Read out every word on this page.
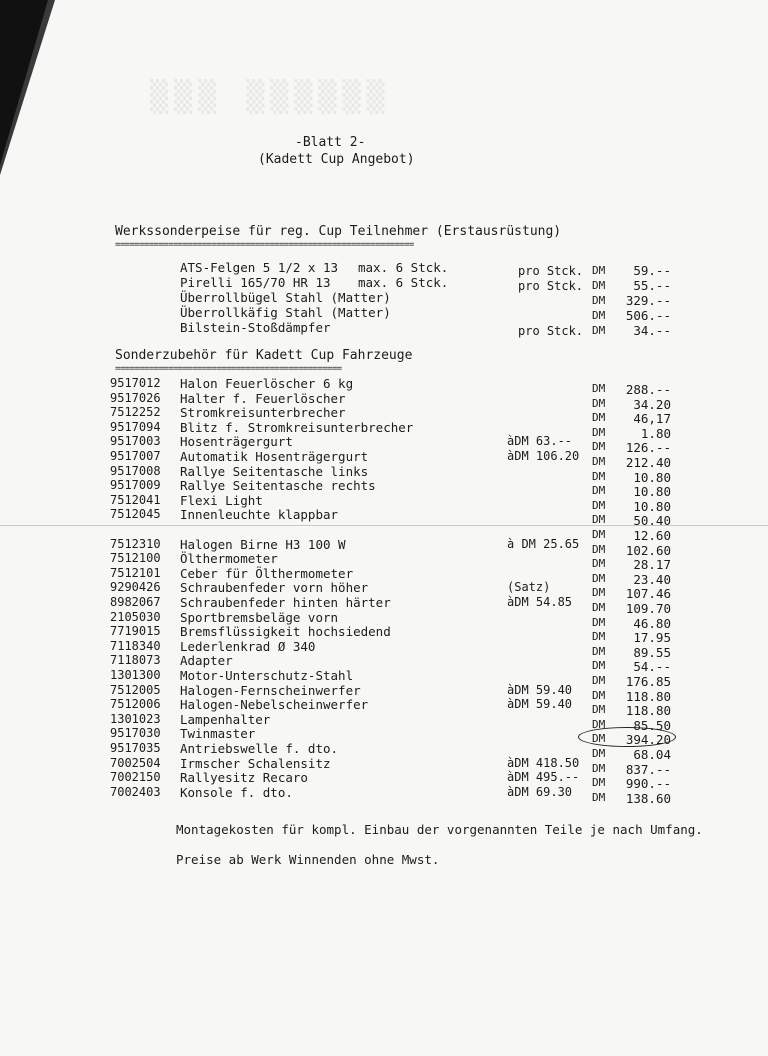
▒▒▒ ▒▒▒▒▒▒
-Blatt 2-
(Kadett Cup Angebot)
Werkssonderpeise für reg. Cup Teilnehmer (Erstausrüstung)
==============================================================
ATS-Felgen 5 1/2 x 13 max. 6 Stck.	pro Stck. DM 59.--
Pirelli 165/70 HR 13 max. 6 Stck.	pro Stck. DM 55.--
Überrollbügel Stahl (Matter)	DM 329.--
Überrollkäfig Stahl (Matter)	DM 506.--
Bilstein-Stoßdämpfer	pro Stck. DM 34.--
Sonderzubehör für Kadett Cup Fahrzeuge
===============================================
9517012 Halon Feuerlöscher 6 kg	DM 288.--
9517026 Halter f. Feuerlöscher	DM 34.20
7512252 Stromkreisunterbrecher	DM 46,17
9517094 Blitz f. Stromkreisunterbrecher	DM	1.80
9517003 Hosenträgergurt	àDM 63.-- DM 126.--
9517007 Automatik Hosenträgergurt	àDM 106.20 DM 212.40
9517008 Rallye Seitentasche links	DM 10.80
9517009 Rallye Seitentasche rechts	DM 10.80
7512041 Flexi Light	DM 10.80
7512045 Innenleuchte klappbar	DM 50.40
DM 12.60
7512310 Halogen Birne H3 100 W	à DM 25.65 DM 102.60
7512100 Ölthermometer	DM 28.17
7512101 Ceber für Ölthermometer	DM 23.40
9290426 Schraubenfeder vorn höher	(Satz)	DM 107.46
8982067 Schraubenfeder hinten härter	àDM 54.85 DM 109.70
2105030 Sportbremsbeläge vorn	DM 46.80
7719015 Bremsflüssigkeit hochsiedend	DM 17.95
7118340 Lederlenkrad Ø 340	DM 89.55
7118073 Adapter	DM 54.--
1301300 Motor-Unterschutz-Stahl	DM 176.85
7512005 Halogen-Fernscheinwerfer	àDM 59.40 DM 118.80
7512006 Halogen-Nebelscheinwerfer	àDM 59.40 DM 118.80
1301023 Lampenhalter	DM 85.50
9517030 Twinmaster	DM 394.20
9517035 Antriebswelle f. dto.	DM 68.04
7002504 Irmscher Schalensitz	àDM 418.50 DM 837.--
7002150 Rallyesitz Recaro	àDM 495.-- DM 990.--
7002403 Konsole f. dto.	àDM 69.30 DM 138.60
Montagekosten für kompl. Einbau der vorgenannten Teile je nach Umfang.
Preise ab Werk Winnenden ohne Mwst.
